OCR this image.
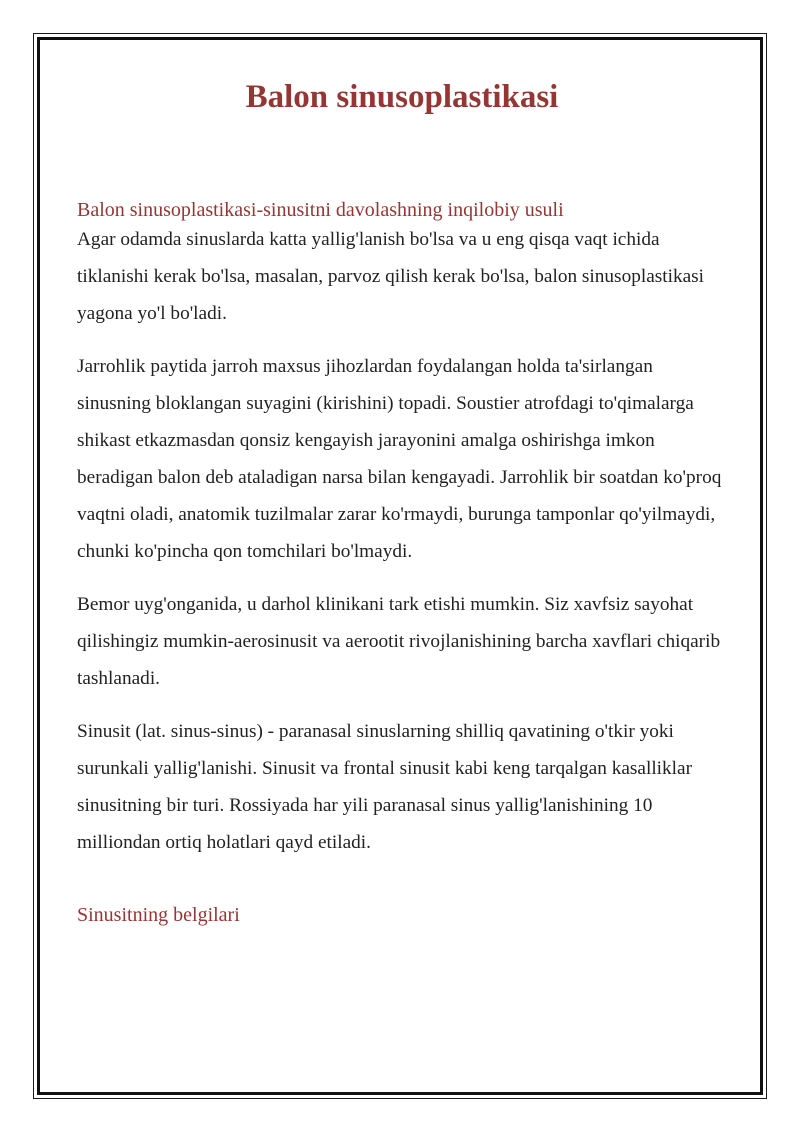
Balon sinusoplastikasi
Balon sinusoplastikasi-sinusitni davolashning inqilobiy usuli

Agar odamda sinuslarda katta yallig'lanish bo'lsa va u eng qisqa vaqt ichida tiklanishi kerak bo'lsa, masalan, parvoz qilish kerak bo'lsa, balon sinusoplastikasi yagona yo'l bo'ladi.

Jarrohlik paytida jarroh maxsus jihozlardan foydalangan holda ta'sirlangan sinusning bloklangan suyagini (kirishini) topadi. Soustier atrofdagi to'qimalarga shikast etkazmasdan qonsiz kengayish jarayonini amalga oshirishga imkon beradigan balon deb ataladigan narsa bilan kengayadi. Jarrohlik bir soatdan ko'proq vaqtni oladi, anatomik tuzilmalar zarar ko'rmaydi, burunga tamponlar qo'yilmaydi, chunki ko'pincha qon tomchilari bo'lmaydi.

Bemor uyg'onganida, u darhol klinikani tark etishi mumkin. Siz xavfsiz sayohat qilishingiz mumkin-aerosinusit va aerootit rivojlanishining barcha xavflari chiqarib tashlanadi.

Sinusit (lat. sinus-sinus) - paranasal sinuslarning shilliq qavatining o'tkir yoki surunkali yallig'lanishi. Sinusit va frontal sinusit kabi keng tarqalgan kasalliklar sinusitning bir turi. Rossiyada har yili paranasal sinus yallig'lanishining 10 milliondan ortiq holatlari qayd etiladi.

Sinusitning belgilari
